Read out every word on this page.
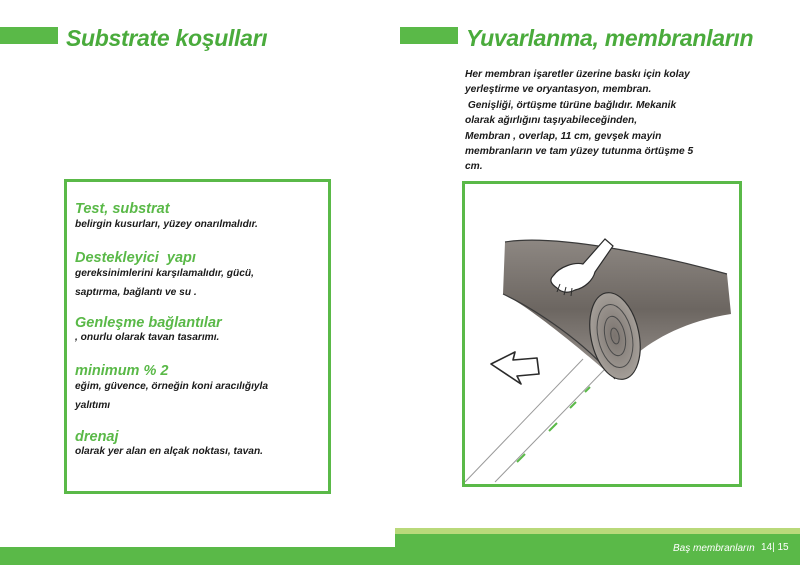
Substrate koşulları	Yuvarlanma, membranların
Her membran işaretler üzerine baskı için kolay
yerleştirme ve oryantasyon, membran.
Genişliği, örtüşme türüne bağlıdır. Mekanik
olarak ağırlığını taşıyabileceğinden,
Membran , overlap, 11 cm, gevşek mayin
membranların ve tam yüzey tutunma örtüşme 5
cm.
Test, substrat
belirgin kusurları, yüzey onarılmalıdır.
Destekleyici  yapı
gereksinimlerini karşılamalıdır, gücü,
saptırma, bağlantı ve su .
Genleşme bağlantılar
, onurlu olarak tavan tasarımı.
minimum % 2
eğim, güvence, örneğin koni aracılığıyla
yalıtımı
drenaj
olarak yer alan en alçak noktası, tavan.
Baş membranların 14| 15
